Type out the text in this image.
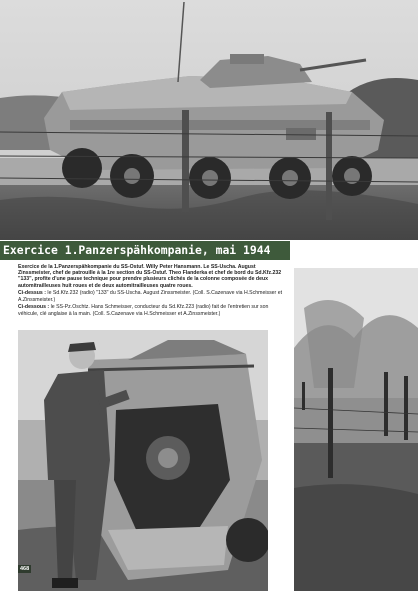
Exercice 1.Panzerspähkompanie, mai 1944

Exercice de la 1.Panzerspähkompanie du SS-Ostuf. Willy Peter Hansmann. Le SS-Uscha. August Zinssmeister, chef de patrouille à la 1re section du SS-Ostuf. Theo Flanderka et chef de bord du Sd.Kfz.232 "133", profite d'une pause technique pour prendre plusieurs clichés de la colonne composée de deux automitrailleuses huit roues et de deux automitrailleuses quatre roues.

Ci-dessus : le Sd.Kfz.232 (radio) "133" du SS-Uscha. August Zinssmeister. (Coll. S.Cazenave via H.Schmeisser et A.Zinssmeister.)

Ci-dessous : le SS-Pz.Oschtz. Hans Schmeisser, conducteur du Sd.Kfz.223 (radio) fait de l'entretien sur son véhicule, clé anglaise à la main. (Coll. S.Cazenave via H.Schmeisser et A.Zinssmeister.)

468
